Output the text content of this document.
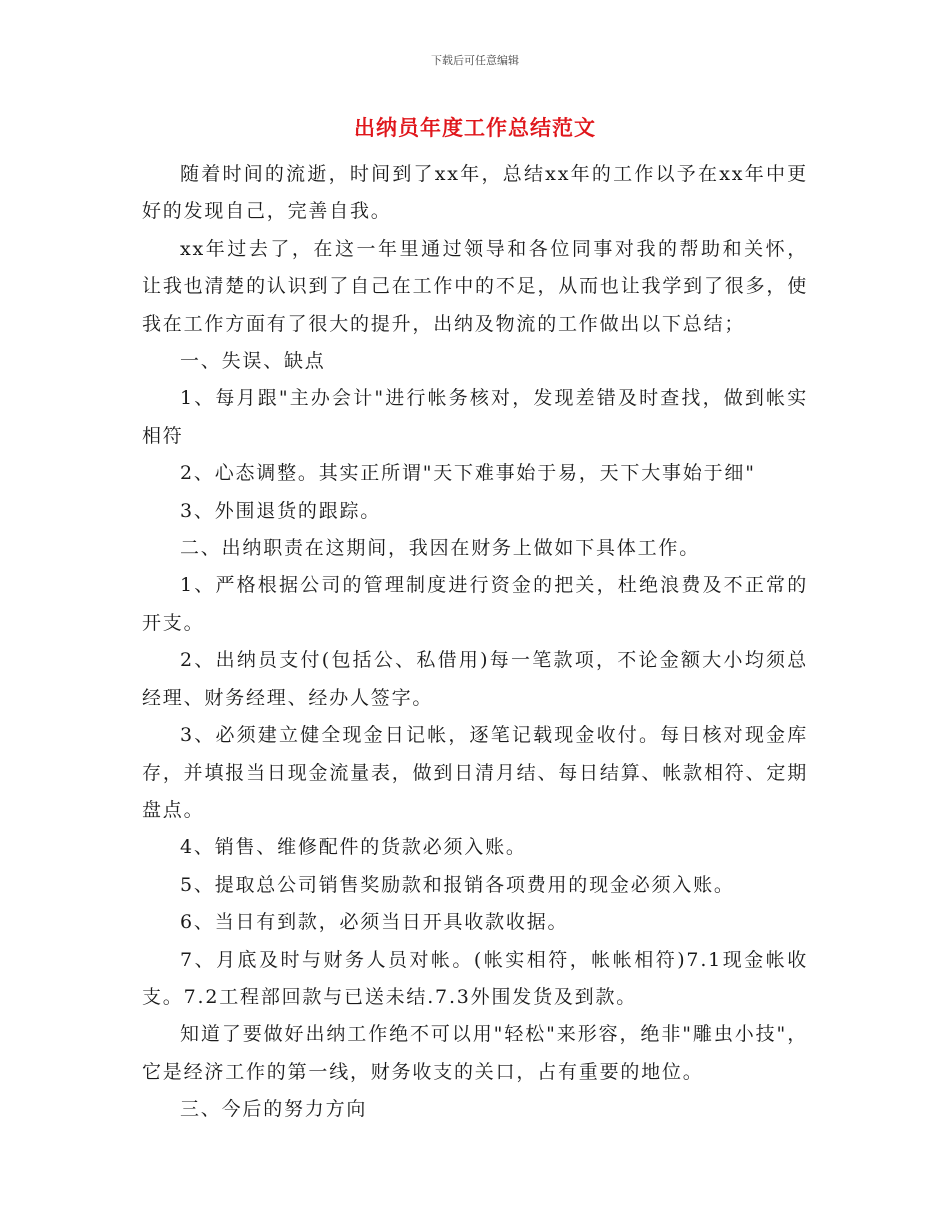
下载后可任意编辑
出纳员年度工作总结范文

随着时间的流逝，时间到了xx年，总结xx年的工作以予在xx年中更好的发现自己，完善自我。

xx年过去了，在这一年里通过领导和各位同事对我的帮助和关怀，让我也清楚的认识到了自己在工作中的不足，从而也让我学到了很多，使我在工作方面有了很大的提升，出纳及物流的工作做出以下总结；

一、失误、缺点

1、每月跟"主办会计"进行帐务核对，发现差错及时查找，做到帐实相符

2、心态调整。其实正所谓"天下难事始于易，天下大事始于细"

3、外围退货的跟踪。

二、出纳职责在这期间，我因在财务上做如下具体工作。

1、严格根据公司的管理制度进行资金的把关，杜绝浪费及不正常的开支。

2、出纳员支付(包括公、私借用)每一笔款项，不论金额大小均须总经理、财务经理、经办人签字。

3、必须建立健全现金日记帐，逐笔记载现金收付。每日核对现金库存，并填报当日现金流量表，做到日清月结、每日结算、帐款相符、定期盘点。

4、销售、维修配件的货款必须入账。

5、提取总公司销售奖励款和报销各项费用的现金必须入账。

6、当日有到款，必须当日开具收款收据。

7、月底及时与财务人员对帐。(帐实相符，帐帐相符)7.1现金帐收支。7.2工程部回款与已送未结.7.3外围发货及到款。

知道了要做好出纳工作绝不可以用"轻松"来形容，绝非"雕虫小技"，它是经济工作的第一线，财务收支的关口，占有重要的地位。

三、今后的努力方向
